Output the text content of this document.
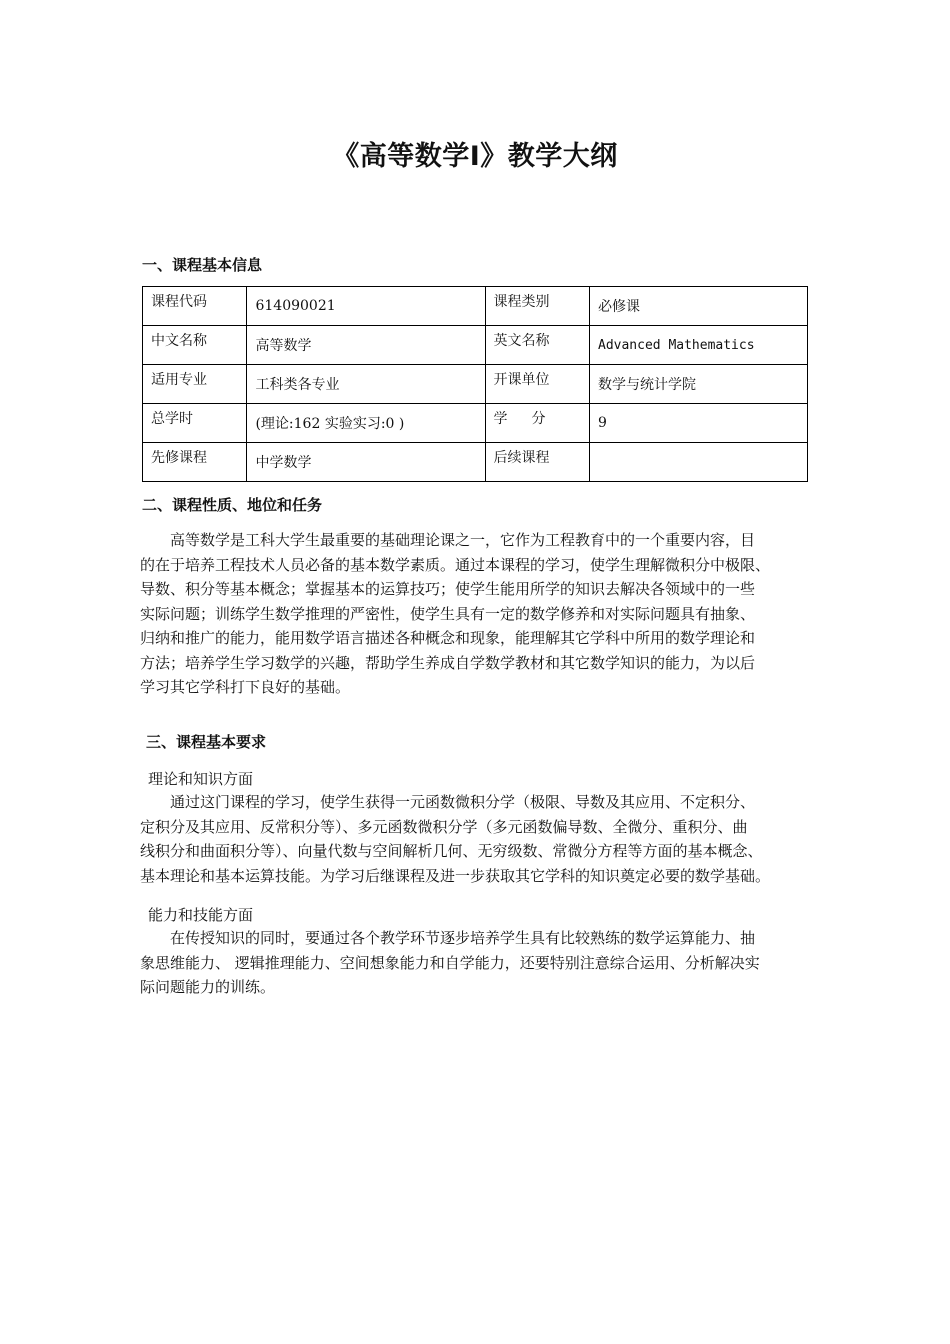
《高等数学Ⅰ》教学大纲
一、课程基本信息
课程代码	614090021	课程类别	必修课
中文名称	高等数学	英文名称	Advanced Mathematics
适用专业	工科类各专业	开课单位	数学与统计学院
总学时	(理论:162 实验实习:0 )	学分	9
先修课程	中学数学	后续课程	
二、课程性质、地位和任务
高等数学是工科大学生最重要的基础理论课之一，它作为工程教育中的一个重要内容，目
的在于培养工程技术人员必备的基本数学素质。通过本课程的学习，使学生理解微积分中极限、
导数、积分等基本概念；掌握基本的运算技巧；使学生能用所学的知识去解决各领域中的一些
实际问题；训练学生数学推理的严密性，使学生具有一定的数学修养和对实际问题具有抽象、
归纳和推广的能力，能用数学语言描述各种概念和现象，能理解其它学科中所用的数学理论和
方法；培养学生学习数学的兴趣，帮助学生养成自学数学教材和其它数学知识的能力，为以后
学习其它学科打下良好的基础。
三、课程基本要求
理论和知识方面
通过这门课程的学习，使学生获得一元函数微积分学（极限、导数及其应用、不定积分、
定积分及其应用、反常积分等）、多元函数微积分学（多元函数偏导数、全微分、重积分、曲
线积分和曲面积分等）、向量代数与空间解析几何、无穷级数、常微分方程等方面的基本概念、
基本理论和基本运算技能。为学习后继课程及进一步获取其它学科的知识奠定必要的数学基础。
能力和技能方面
在传授知识的同时，要通过各个教学环节逐步培养学生具有比较熟练的数学运算能力、抽
象思维能力、 逻辑推理能力、空间想象能力和自学能力，还要特别注意综合运用、分析解决实
际问题能力的训练。
